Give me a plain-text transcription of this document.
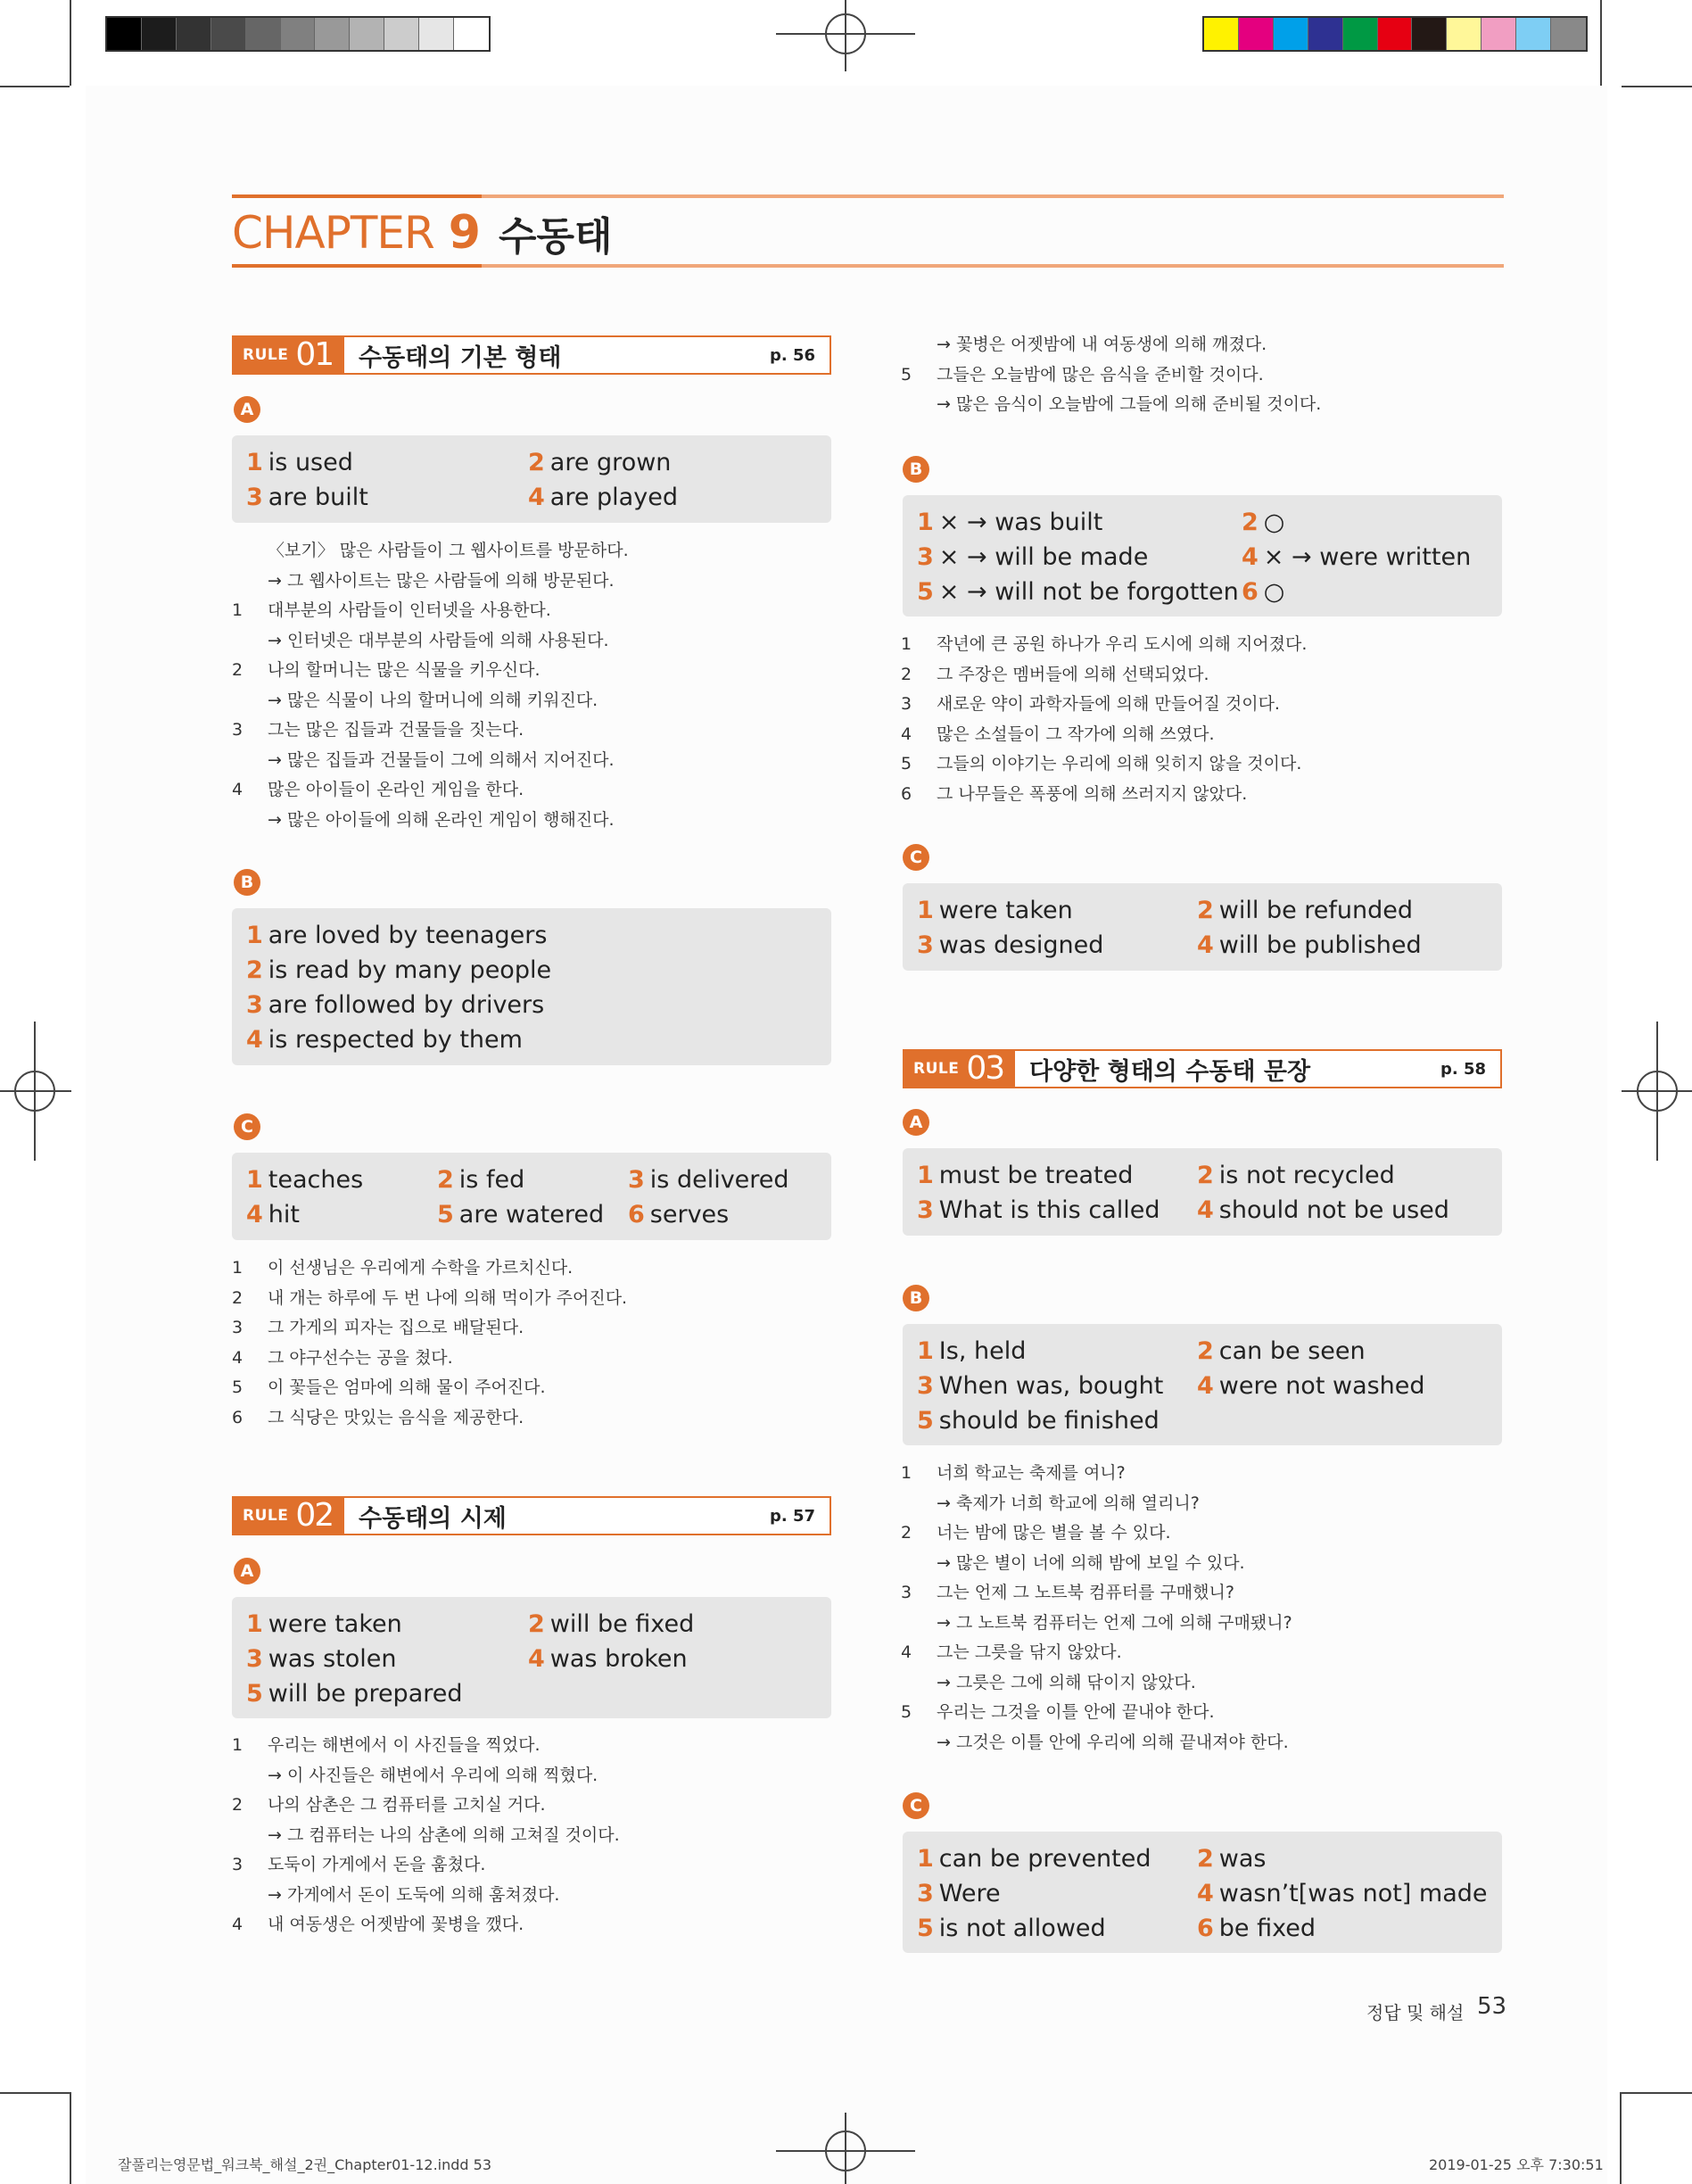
CHAPTER 9 수동태
RULE 01 수동태의 기본 형태	p. 56
A
1 is used	2 are grown
3 are built	4 are played
〈보기〉 많은 사람들이 그 웹사이트를 방문하다.
→ 그 웹사이트는 많은 사람들에 의해 방문된다.
1	대부분의 사람들이 인터넷을 사용한다.
→ 인터넷은 대부분의 사람들에 의해 사용된다.
2	나의 할머니는 많은 식물을 키우신다.
→ 많은 식물이 나의 할머니에 의해 키워진다.
3	그는 많은 집들과 건물들을 짓는다.
→ 많은 집들과 건물들이 그에 의해서 지어진다.
4	많은 아이들이 온라인 게임을 한다.
→ 많은 아이들에 의해 온라인 게임이 행해진다.
B
1 are loved by teenagers
2 is read by many people
3 are followed by drivers
4 is respected by them
C
1 teaches	2 is fed	3 is delivered
4 hit	5 are watered 6 serves
1	이 선생님은 우리에게 수학을 가르치신다.
2	내 개는 하루에 두 번 나에 의해 먹이가 주어진다.
3	그 가게의 피자는 집으로 배달된다.
4	그 야구선수는 공을 쳤다.
5	이 꽃들은 엄마에 의해 물이 주어진다.
6	그 식당은 맛있는 음식을 제공한다.
RULE 02 수동태의 시제	p. 57
A
1 were taken	2 will be fixed
3 was stolen	4 was broken
5 will be prepared
1	우리는 해변에서 이 사진들을 찍었다.
→ 이 사진들은 해변에서 우리에 의해 찍혔다.
2	나의 삼촌은 그 컴퓨터를 고치실 거다.
→ 그 컴퓨터는 나의 삼촌에 의해 고쳐질 것이다.
3	도둑이 가게에서 돈을 훔쳤다.
→ 가게에서 돈이 도둑에 의해 훔쳐졌다.
4	내 여동생은 어젯밤에 꽃병을 깼다.
→ 꽃병은 어젯밤에 내 여동생에 의해 깨졌다.
5	그들은 오늘밤에 많은 음식을 준비할 것이다.
→ 많은 음식이 오늘밤에 그들에 의해 준비될 것이다.
B
1 × → was built	2 ○
3 × → will be made	4 × → were written
5 × → will not be forgotten 6 ○
1	작년에 큰 공원 하나가 우리 도시에 의해 지어졌다.
2	그 주장은 멤버들에 의해 선택되었다.
3	새로운 약이 과학자들에 의해 만들어질 것이다.
4	많은 소설들이 그 작가에 의해 쓰였다.
5	그들의 이야기는 우리에 의해 잊히지 않을 것이다.
6	그 나무들은 폭풍에 의해 쓰러지지 않았다.
C
1 were taken	2 will be refunded
3 was designed	4 will be published
RULE 03 다양한 형태의 수동태 문장	p. 58
A
1 must be treated	2 is not recycled
3 What is this called	4 should not be used
B
1 Is, held	2 can be seen
3 When was, bought	4 were not washed
5 should be finished
1	너희 학교는 축제를 여니?
→ 축제가 너희 학교에 의해 열리니?
2	너는 밤에 많은 별을 볼 수 있다.
→ 많은 별이 너에 의해 밤에 보일 수 있다.
3	그는 언제 그 노트북 컴퓨터를 구매했니?
→ 그 노트북 컴퓨터는 언제 그에 의해 구매됐니?
4	그는 그릇을 닦지 않았다.
→ 그릇은 그에 의해 닦이지 않았다.
5	우리는 그것을 이틀 안에 끝내야 한다.
→ 그것은 이틀 안에 우리에 의해 끝내져야 한다.
C
1 can be prevented	2 was
3 Were	4 wasn’t[was not] made
5 is not allowed	6 be fixed
정답 및 해설 53
잘풀리는영문법_워크북_해설_2권_Chapter01-12.indd 53	2019-01-25 오후 7:30:51
